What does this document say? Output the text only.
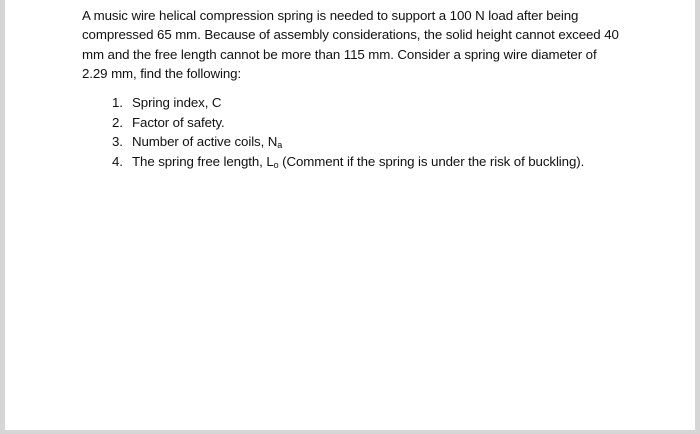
A music wire helical compression spring is needed to support a 100 N load after being compressed 65 mm. Because of assembly considerations, the solid height cannot exceed 40 mm and the free length cannot be more than 115 mm. Consider a spring wire diameter of 2.29 mm, find the following:

1. Spring index, C
2. Factor of safety.
3. Number of active coils, $N_a$
4. The spring free length, $L_o$ (Comment if the spring is under the risk of buckling).
